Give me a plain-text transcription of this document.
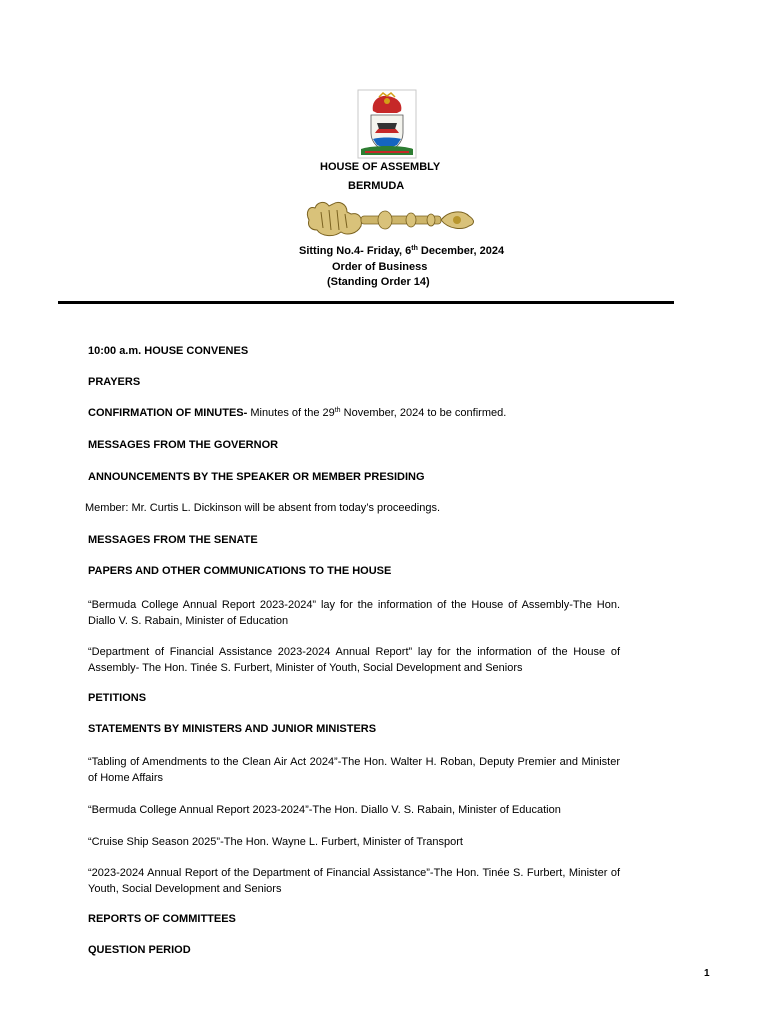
HOUSE OF ASSEMBLY
BERMUDA
Sitting No.4- Friday, 6th December, 2024
Order of Business
(Standing Order 14)
10:00 a.m. HOUSE CONVENES
PRAYERS
CONFIRMATION OF MINUTES- Minutes of the 29th November, 2024 to be confirmed.
MESSAGES FROM THE GOVERNOR
ANNOUNCEMENTS BY THE SPEAKER OR MEMBER PRESIDING
Member: Mr. Curtis L. Dickinson will be absent from today’s proceedings.
MESSAGES FROM THE SENATE
PAPERS AND OTHER COMMUNICATIONS TO THE HOUSE
“Bermuda College Annual Report 2023-2024” lay for the information of the House of Assembly-The Hon. Diallo V. S. Rabain, Minister of Education
“Department of Financial Assistance 2023-2024 Annual Report” lay for the information of the House of Assembly- The Hon. Tinée S. Furbert, Minister of Youth, Social Development and Seniors
PETITIONS
STATEMENTS BY MINISTERS AND JUNIOR MINISTERS
“Tabling of Amendments to the Clean Air Act 2024”-The Hon. Walter H. Roban, Deputy Premier and Minister of Home Affairs
“Bermuda College Annual Report 2023-2024”-The Hon. Diallo V. S. Rabain, Minister of Education
“Cruise Ship Season 2025”-The Hon. Wayne L. Furbert, Minister of Transport
“2023-2024 Annual Report of the Department of Financial Assistance”-The Hon. Tinée S. Furbert, Minister of Youth, Social Development and Seniors
REPORTS OF COMMITTEES
QUESTION PERIOD
1
